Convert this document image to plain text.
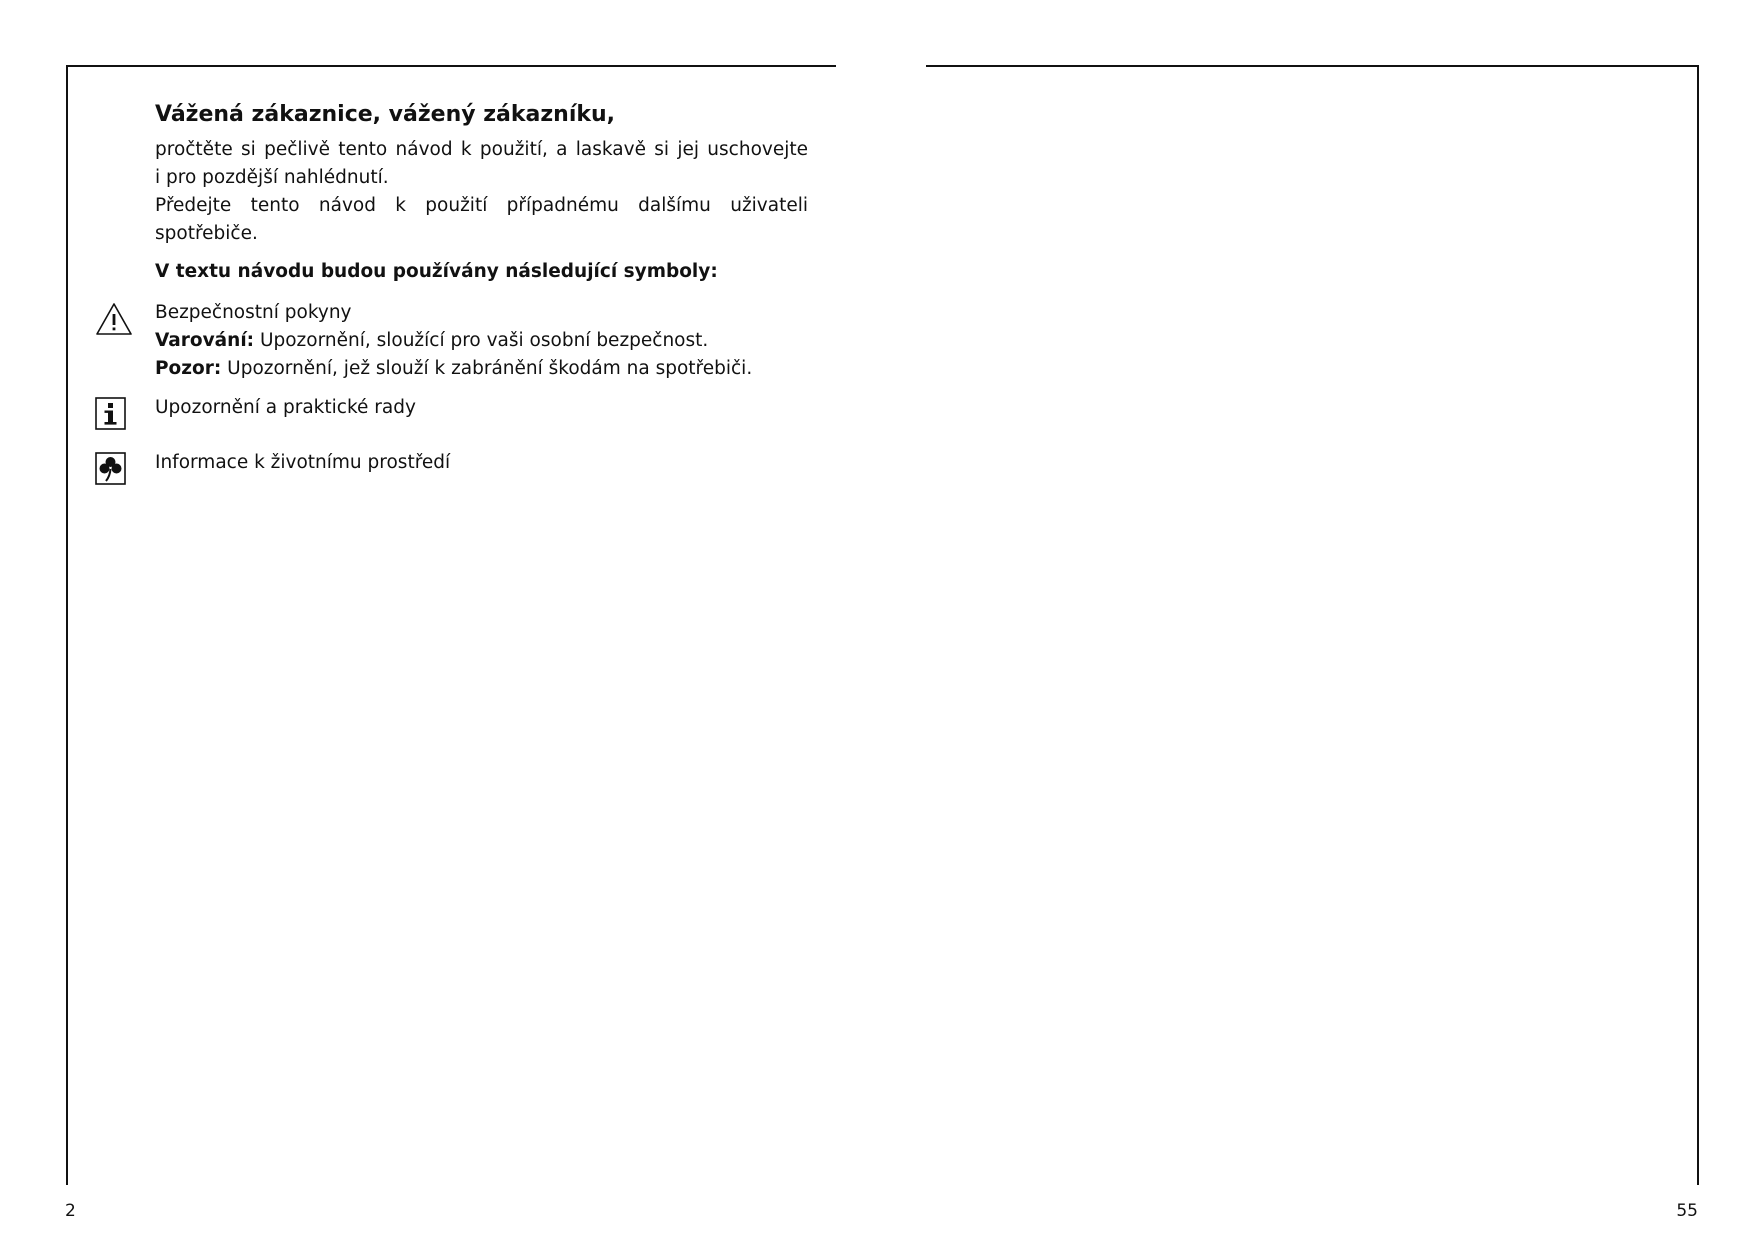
Vážená zákaznice, vážený zákazníku,

pročtěte si pečlivě tento návod k použití, a laskavě si jej uschovejte
i pro pozdější nahlédnutí.

Předejte tento návod k použití případnému dalšímu uživateli
spotřebiče.

V textu návodu budou používány následující symboly:
Bezpečnostní pokyny
Varování: Upozornění, sloužící pro vaši osobní bezpečnost.
Pozor: Upozornění, jež slouží k zabránění škodám na spotřebiči.
Upozornění a praktické rady
Informace k životnímu prostředí
2	55
